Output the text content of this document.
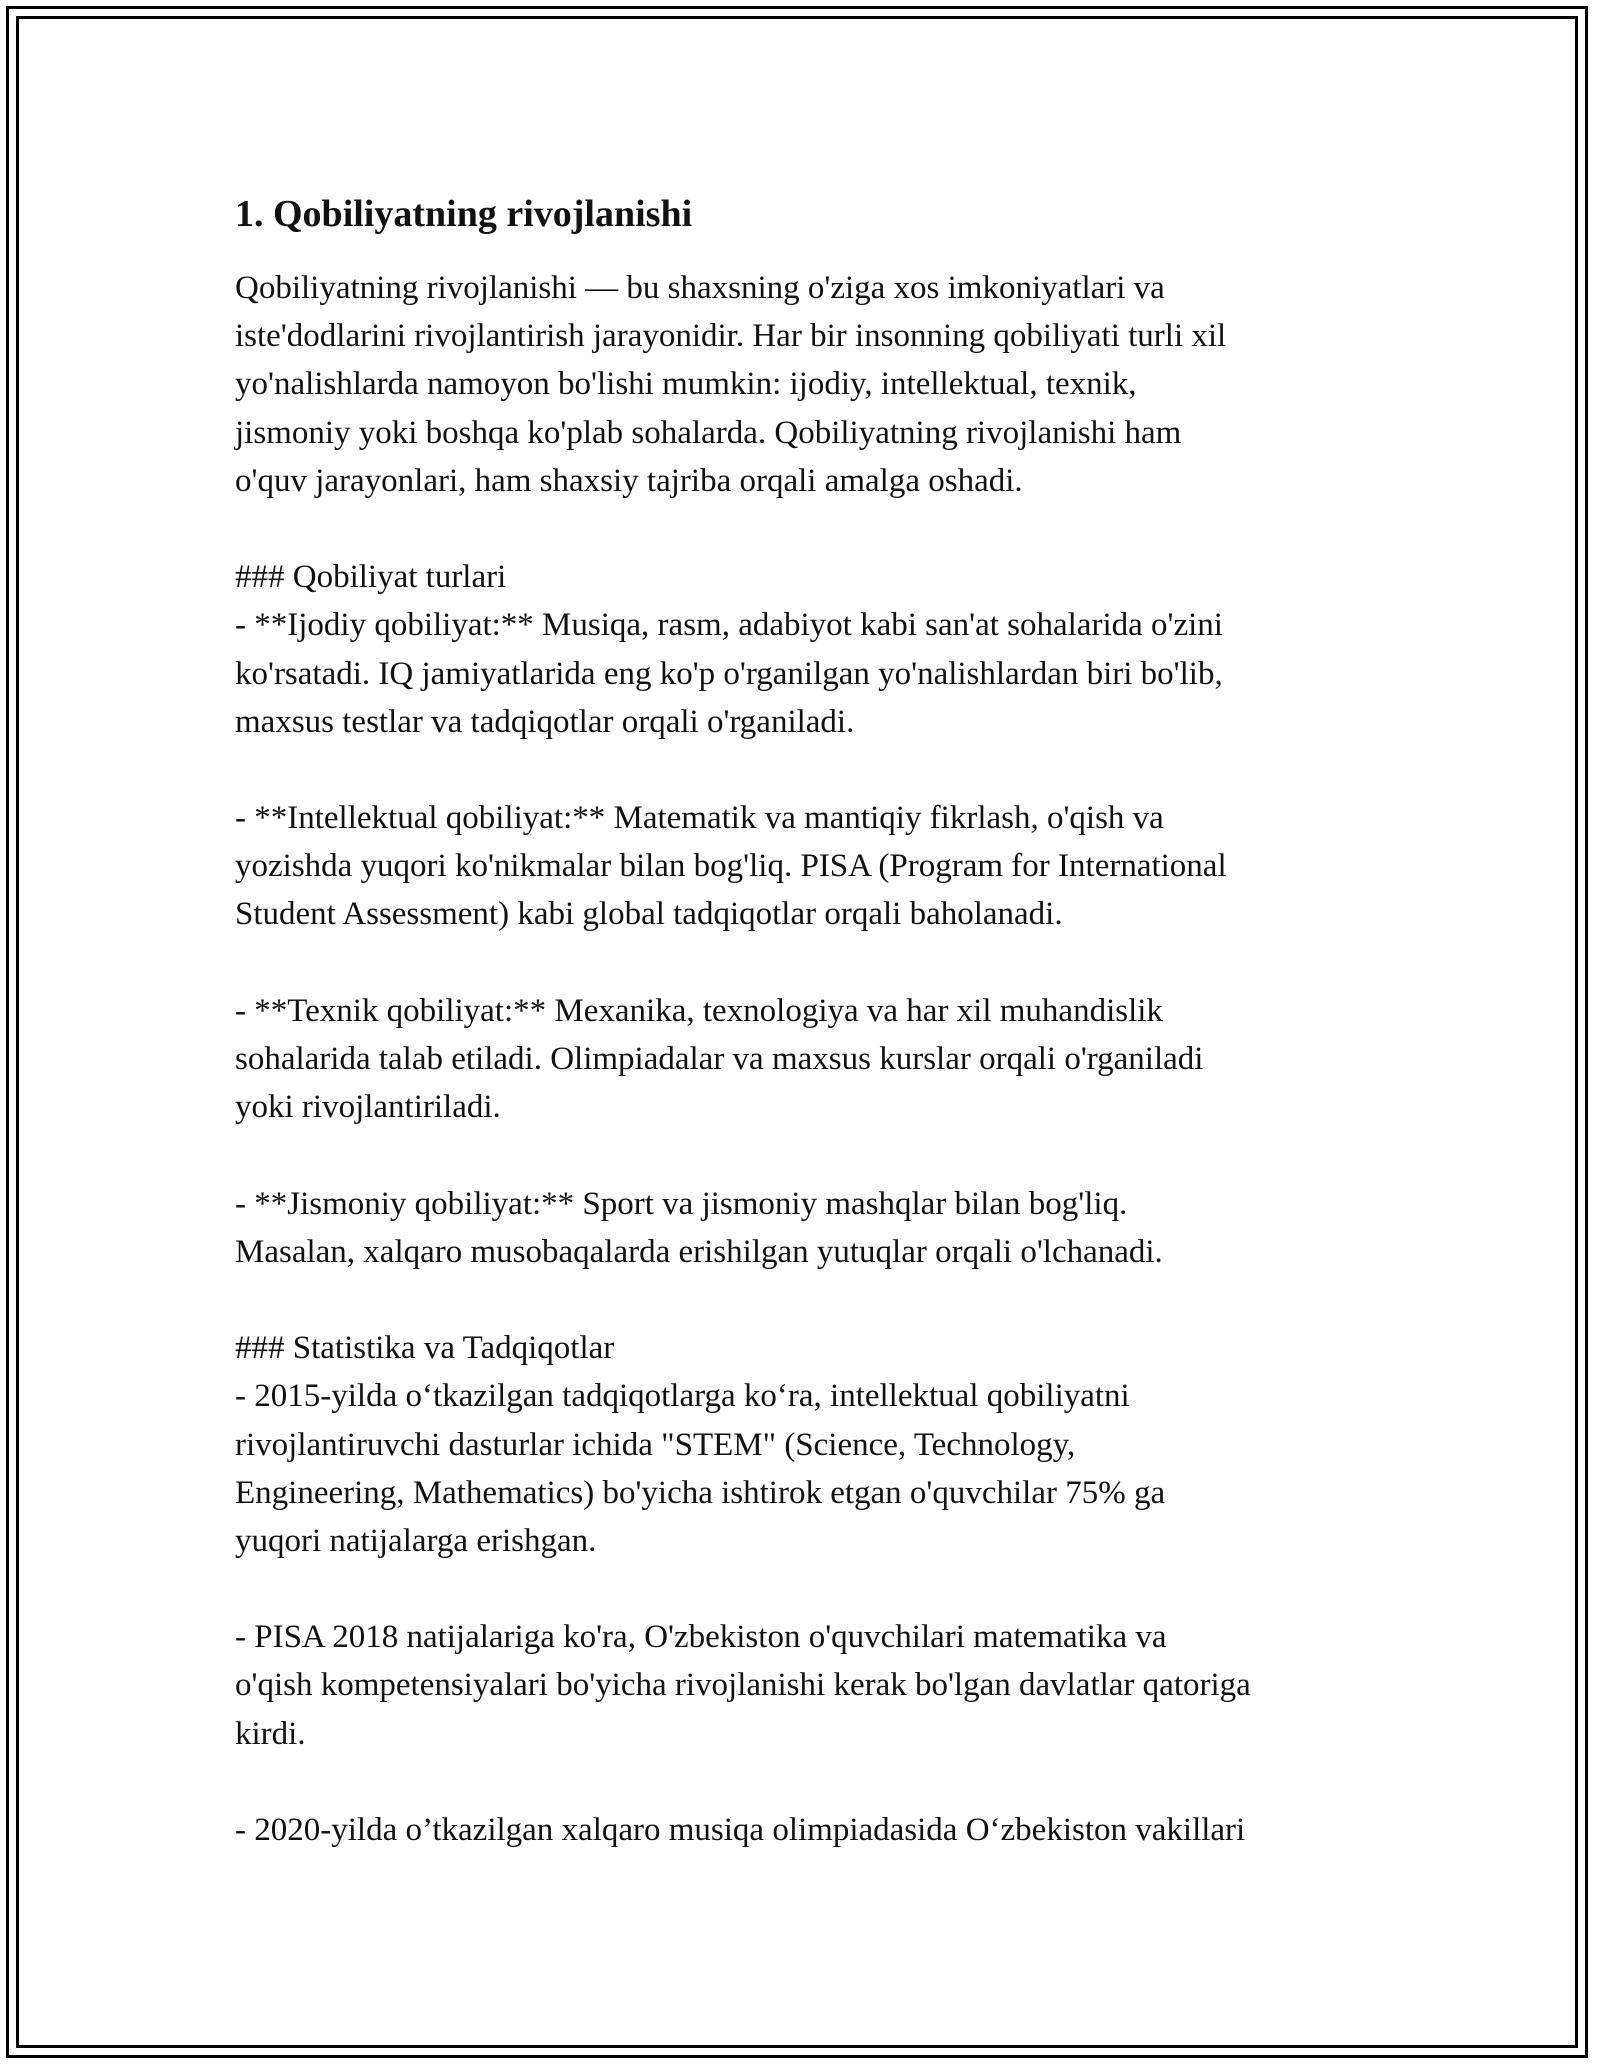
1. Qobiliyatning rivojlanishi
Qobiliyatning rivojlanishi — bu shaxsning o'ziga xos imkoniyatlari va
iste'dodlarini rivojlantirish jarayonidir. Har bir insonning qobiliyati turli xil
yo'nalishlarda namoyon bo'lishi mumkin: ijodiy, intellektual, texnik,
jismoniy yoki boshqa ko'plab sohalarda. Qobiliyatning rivojlanishi ham
o'quv jarayonlari, ham shaxsiy tajriba orqali amalga oshadi.
### Qobiliyat turlari
- **Ijodiy qobiliyat:** Musiqa, rasm, adabiyot kabi san'at sohalarida o'zini
ko'rsatadi. IQ jamiyatlarida eng ko'p o'rganilgan yo'nalishlardan biri bo'lib,
maxsus testlar va tadqiqotlar orqali o'rganiladi.
- **Intellektual qobiliyat:** Matematik va mantiqiy fikrlash, o'qish va
yozishda yuqori ko'nikmalar bilan bog'liq. PISA (Program for International
Student Assessment) kabi global tadqiqotlar orqali baholanadi.
- **Texnik qobiliyat:** Mexanika, texnologiya va har xil muhandislik
sohalarida talab etiladi. Olimpiadalar va maxsus kurslar orqali o'rganiladi
yoki rivojlantiriladi.
- **Jismoniy qobiliyat:** Sport va jismoniy mashqlar bilan bog'liq.
Masalan, xalqaro musobaqalarda erishilgan yutuqlar orqali o'lchanadi.
### Statistika va Tadqiqotlar
- 2015-yilda o‘tkazilgan tadqiqotlarga ko‘ra, intellektual qobiliyatni
rivojlantiruvchi dasturlar ichida "STEM" (Science, Technology,
Engineering, Mathematics) bo'yicha ishtirok etgan o'quvchilar 75% ga
yuqori natijalarga erishgan.
- PISA 2018 natijalariga ko'ra, O'zbekiston o'quvchilari matematika va
o'qish kompetensiyalari bo'yicha rivojlanishi kerak bo'lgan davlatlar qatoriga
kirdi.
- 2020-yilda o’tkazilgan xalqaro musiqa olimpiadasida O‘zbekiston vakillari
